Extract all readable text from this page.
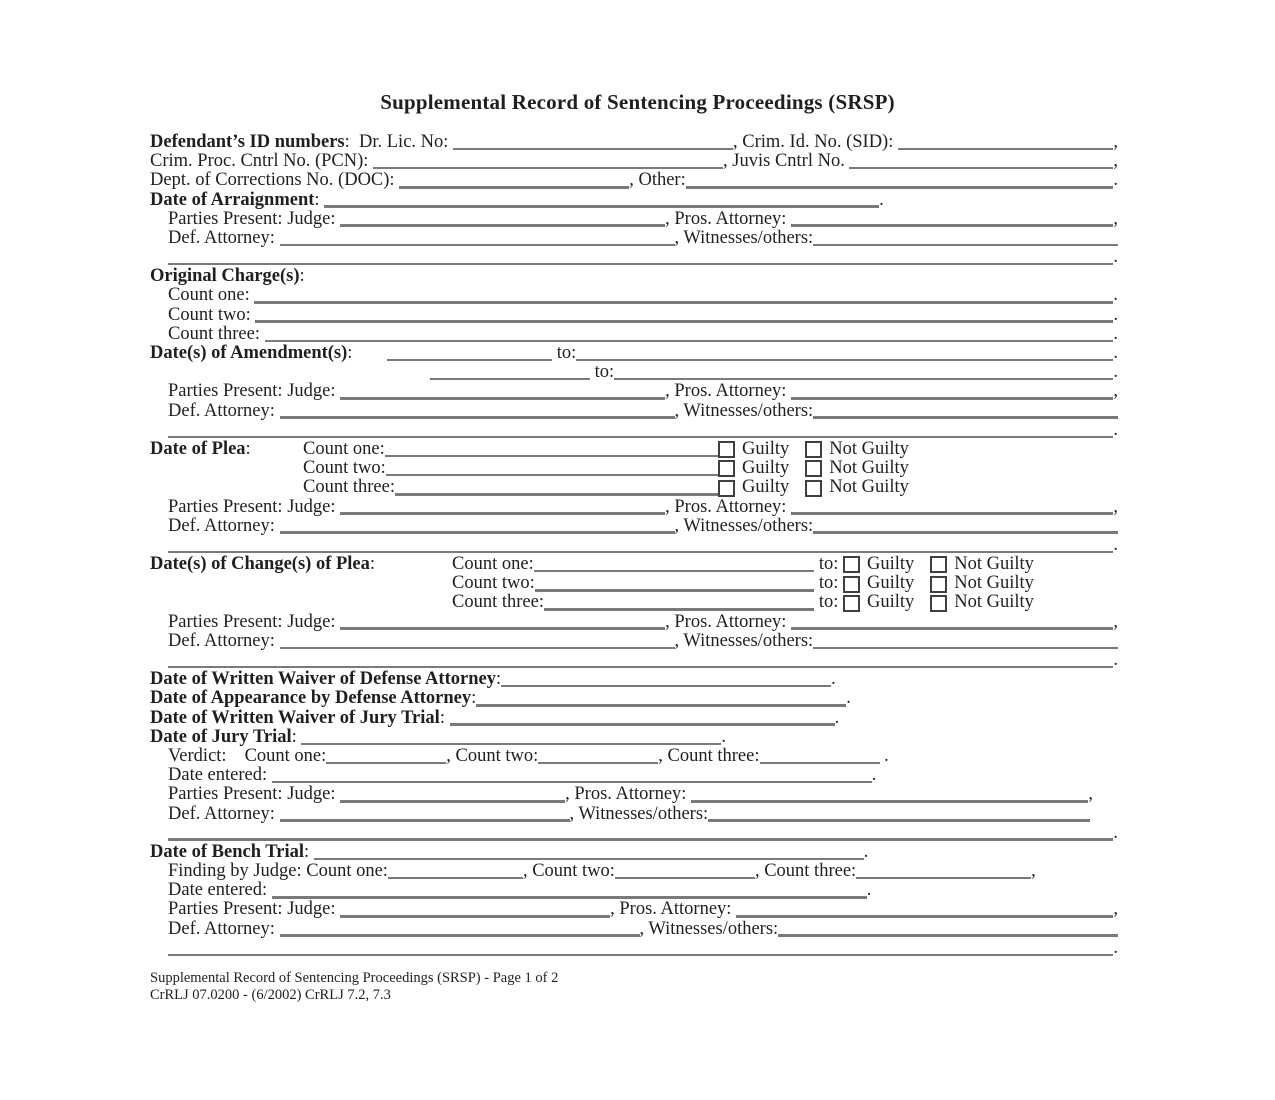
Supplemental Record of Sentencing Proceedings (SRSP)
Defendant’s ID numbers :  Dr. Lic. No:	, Crim. Id. No. (SID):	,
Crim. Proc. Cntrl No. (PCN):	, Juvis Cntrl No.	,
Dept. of Corrections No. (DOC):	, Other:	.
Date of Arraignment :	.
Parties Present: Judge:	, Pros. Attorney:	,
Def. Attorney:	, Witnesses/others:
.
Original Charge(s) :
Count one:	.
Count two:	.
Count three:	.
Date(s) of Amendment(s) :	to:	.
to:	.
Parties Present: Judge:	, Pros. Attorney:	,
Def. Attorney:	, Witnesses/others:
.
Date of Plea :	Count one:	Guilty Not Guilty
Count two:	Guilty Not Guilty
Count three:	Guilty Not Guilty
Parties Present: Judge:	, Pros. Attorney:	,
Def. Attorney:	, Witnesses/others:
.
Date(s) of Change(s) of Plea :	Count one:	to: Guilty Not Guilty
Count two:	to: Guilty Not Guilty
Count three:	to: Guilty Not Guilty
Parties Present: Judge:	, Pros. Attorney:	,
Def. Attorney:	, Witnesses/others:
.
Date of Written Waiver of Defense Attorney :	.
Date of Appearance by Defense Attorney :	.
Date of Written Waiver of Jury Trial :	.
Date of Jury Trial :	.
Verdict: Count one:	, Count two:	, Count three:	.
Date entered:	.
Parties Present: Judge:	, Pros. Attorney:	,
Def. Attorney:	, Witnesses/others:
.
Date of Bench Trial :	.
Finding by Judge: Count one:	, Count two:	, Count three:	,
Date entered:	.
Parties Present: Judge:	, Pros. Attorney:	,
Def. Attorney:	, Witnesses/others:
.
Supplemental Record of Sentencing Proceedings (SRSP) - Page 1 of 2
CrRLJ 07.0200 - (6/2002) CrRLJ 7.2, 7.3
